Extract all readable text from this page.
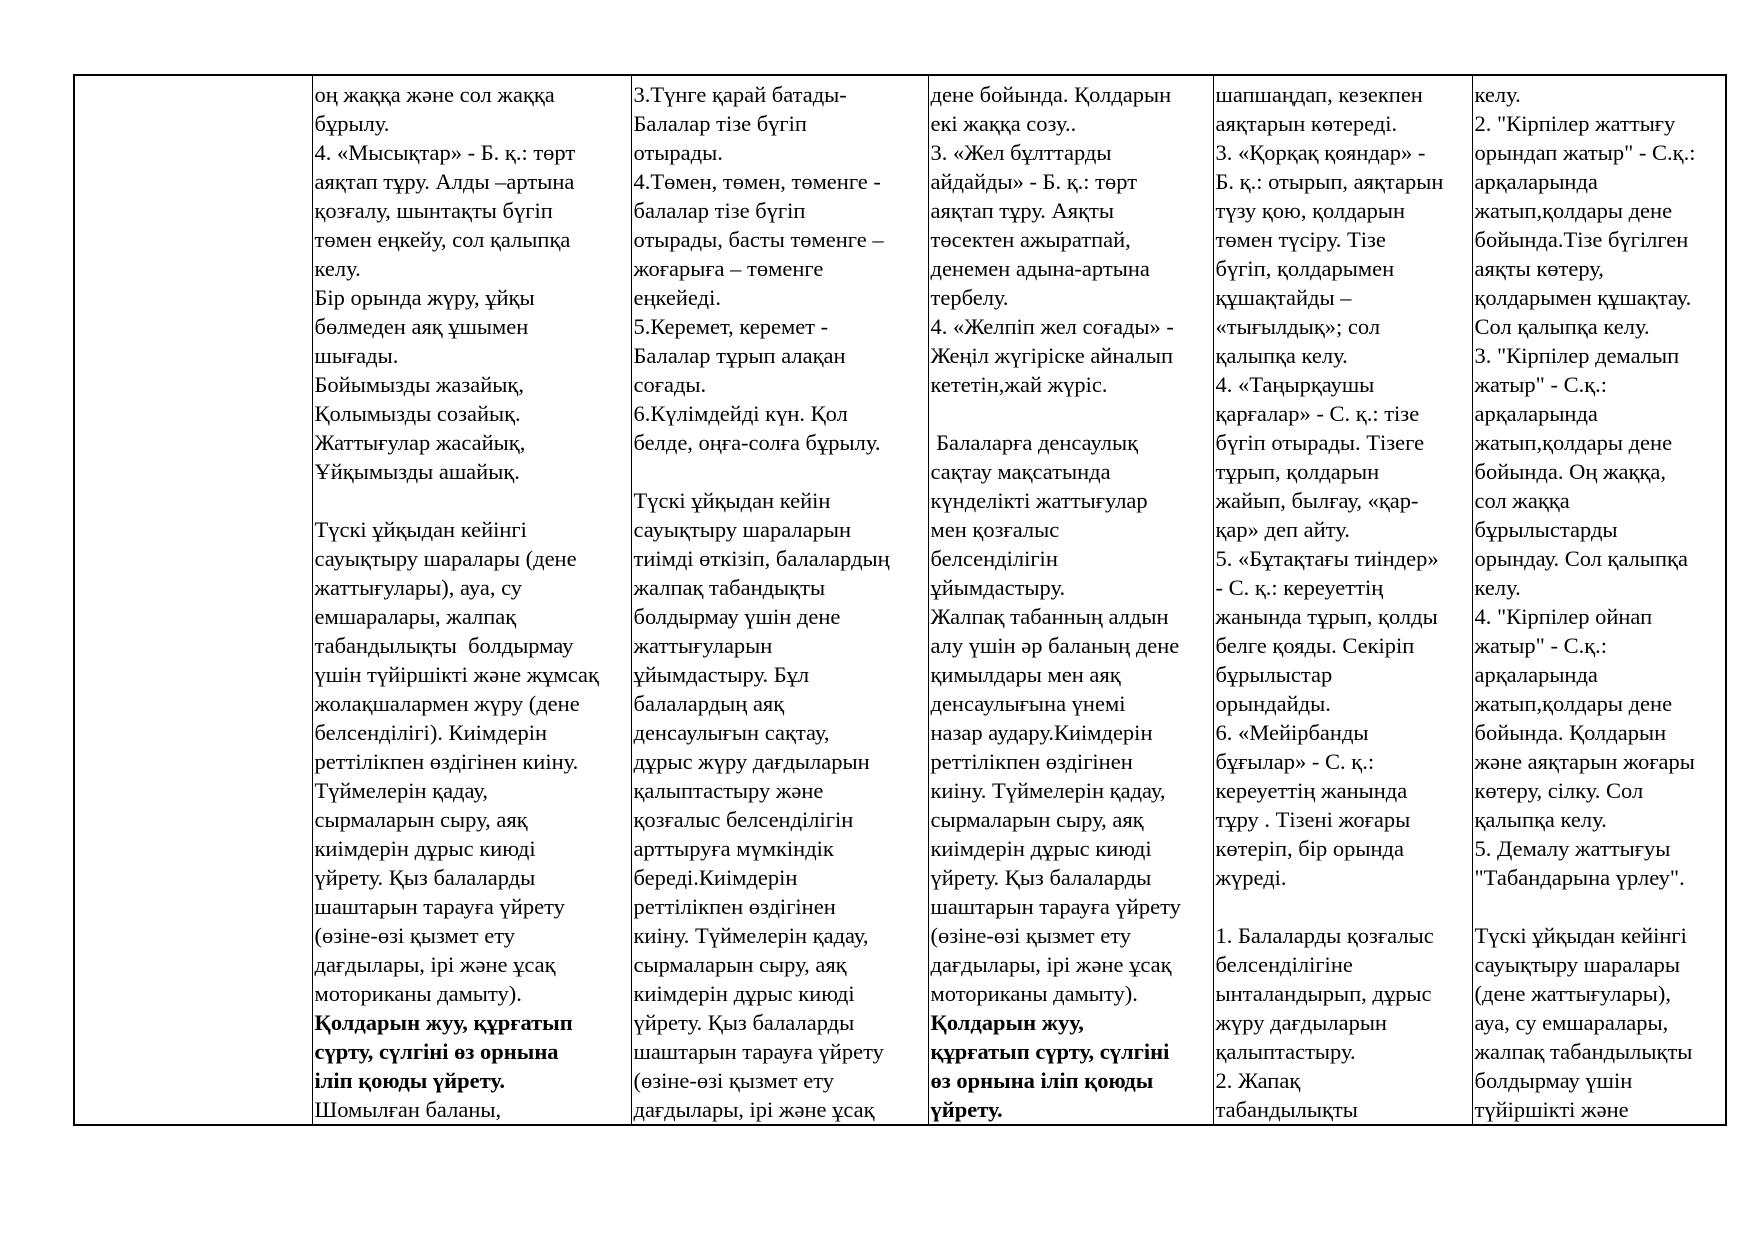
оң жаққа және сол жаққа
бұрылу.
4. «Мысықтар» - Б. қ.: төрт
аяқтап тұру. Алды –артына
қозғалу, шынтақты бүгіп
төмен еңкейу, сол қалыпқа
келу.
Бір орында жүру, ұйқы
бөлмеден аяқ ұшымен
шығады.
Бойымызды жазайық,
Қолымызды созайық.
Жаттығулар жасайық,
Ұйқымызды ашайық.
Түскі ұйқыдан кейінгі
сауықтыру шаралары (дене
жаттығулары), ауа, су
емшаралары, жалпақ
табандылықты  болдырмау
үшін түйіршікті және жұмсақ
жолақшалармен жүру (дене
белсенділігі). Киімдерін
реттілікпен өздігінен киіну.
Түймелерін қадау,
сырмаларын сыру, аяқ
киімдерін дұрыс киюді
үйрету. Қыз балаларды
шаштарын тарауға үйрету
(өзіне-өзі қызмет ету
дағдылары, ірі және ұсақ
моториканы дамыту).
Қолдарын жуу, құрғатып
сүрту, сүлгіні өз орнына
іліп қоюды үйрету.
Шомылған баланы,

3.Түнге қарай батады-
Балалар тізе бүгіп
отырады.
4.Төмен, төмен, төменге -
балалар тізе бүгіп
отырады, басты төменге –
жоғарыға – төменге
еңкейеді.
5.Керемет, керемет -
Балалар тұрып алақан
соғады.
6.Күлімдейді күн. Қол
белде, оңға-солға бұрылу.
Түскі ұйқыдан кейін
сауықтыру шараларын
тиімді өткізіп, балалардың
жалпақ табандықты
болдырмау үшін дене
жаттығуларын
ұйымдастыру. Бұл
балалардың аяқ
денсаулығын сақтау,
дұрыс жүру дағдыларын
қалыптастыру және
қозғалыс белсенділігін
арттыруға мүмкіндік
береді.Киімдерін
реттілікпен өздігінен
киіну. Түймелерін қадау,
сырмаларын сыру, аяқ
киімдерін дұрыс киюді
үйрету. Қыз балаларды
шаштарын тарауға үйрету
(өзіне-өзі қызмет ету
дағдылары, ірі және ұсақ

дене бойында. Қолдарын
екі жаққа созу..
3. «Жел бұлттарды
айдайды» - Б. қ.: төрт
аяқтап тұру. Аяқты
төсектен ажыратпай,
денемен адына-артына
тербелу.
4. «Желпіп жел соғады» -
Жеңіл жүгіріске айналып
кететін,жай жүріс.
Балаларға денсаулық
сақтау мақсатында
күнделікті жаттығулар
мен қозғалыс
белсенділігін
ұйымдастыру.
Жалпақ табанның алдын
алу үшін әр баланың дене
қимылдары мен аяқ
денсаулығына үнемі
назар аудару.Киімдерін
реттілікпен өздігінен
киіну. Түймелерін қадау,
сырмаларын сыру, аяқ
киімдерін дұрыс киюді
үйрету. Қыз балаларды
шаштарын тарауға үйрету
(өзіне-өзі қызмет ету
дағдылары, ірі және ұсақ
моториканы дамыту).
Қолдарын жуу,
құрғатып сүрту, сүлгіні
өз орнына іліп қоюды
үйрету.

шапшаңдап, кезекпен
аяқтарын көтереді.
3. «Қорқақ қояндар» -
Б. қ.: отырып, аяқтарын
түзу қою, қолдарын
төмен түсіру. Тізе
бүгіп, қолдарымен
құшақтайды –
«тығылдық»; сол
қалыпқа келу.
4. «Таңырқаушы
қарғалар» - С. қ.: тізе
бүгіп отырады. Тізеге
тұрып, қолдарын
жайып, былғау, «қар-
қар» деп айту.
5. «Бұтақтағы тиіндер»
- С. қ.: кереуеттің
жанында тұрып, қолды
белге қояды. Секіріп
бұрылыстар
орындайды.
6. «Мейірбанды
бұғылар» - С. қ.:
кереуеттің жанында
тұру . Тізені жоғары
көтеріп, бір орында
жүреді.
1. Балаларды қозғалыс
белсенділігіне
ынталандырып, дұрыс
жүру дағдыларын
қалыптастыру.
2. Жапақ
табандылықты

келу.
2. "Кірпілер жаттығу
орындап жатыр" - С.қ.:
арқаларында
жатып,қолдары дене
бойында.Тізе бүгілген
аяқты көтеру,
қолдарымен құшақтау.
Сол қалыпқа келу.
3. "Кірпілер демалып
жатыр" - С.қ.:
арқаларында
жатып,қолдары дене
бойында. Оң жаққа,
сол жаққа
бұрылыстарды
орындау. Сол қалыпқа
келу.
4. "Кірпілер ойнап
жатыр" - С.қ.:
арқаларында
жатып,қолдары дене
бойында. Қолдарын
және аяқтарын жоғары
көтеру, сілку. Сол
қалыпқа келу.
5. Демалу жаттығуы
"Табандарына үрлеу".
Түскі ұйқыдан кейінгі
сауықтыру шаралары
(дене жаттығулары),
ауа, су емшаралары,
жалпақ табандылықты
болдырмау үшін
түйіршікті және
